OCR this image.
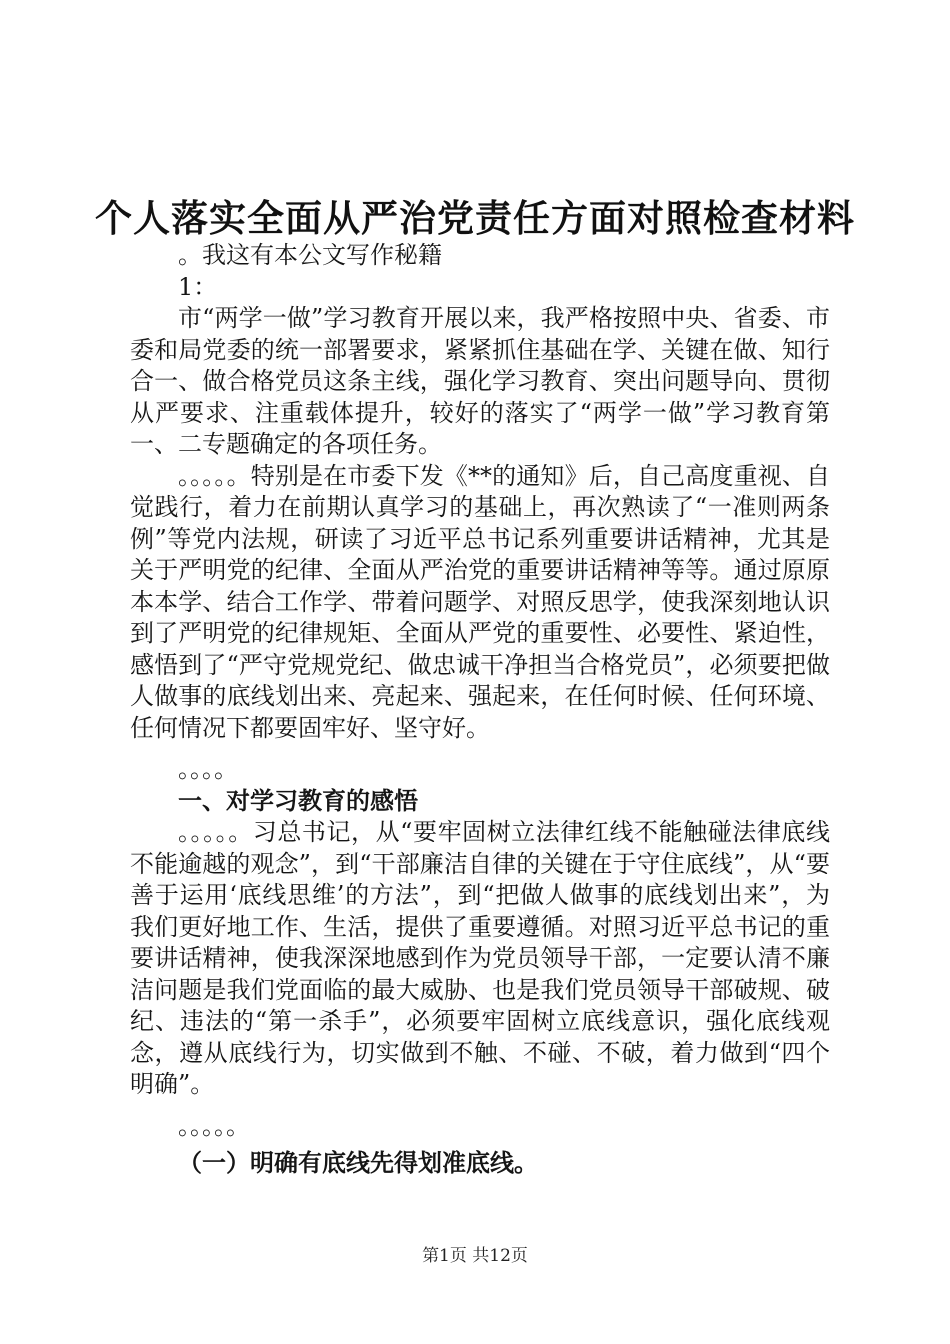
个人落实全面从严治党责任方面对照检查材料

。我这有本公文写作秘籍

1：

市“两学一做”学习教育开展以来，我严格按照中央、省委、市委和局党委的统一部署要求，紧紧抓住基础在学、关键在做、知行合一、做合格党员这条主线，强化学习教育、突出问题导向、贯彻从严要求、注重载体提升，较好的落实了“两学一做”学习教育第一、二专题确定的各项任务。

。。。。。特别是在市委下发《**的通知》后，自己高度重视、自觉践行，着力在前期认真学习的基础上，再次熟读了“一准则两条例”等党内法规，研读了习近平总书记系列重要讲话精神，尤其是关于严明党的纪律、全面从严治党的重要讲话精神等等。通过原原本本学、结合工作学、带着问题学、对照反思学，使我深刻地认识到了严明党的纪律规矩、全面从严党的重要性、必要性、紧迫性，感悟到了“严守党规党纪、做忠诚干净担当合格党员”，必须要把做人做事的底线划出来、亮起来、强起来，在任何时候、任何环境、任何情况下都要固牢好、坚守好。

。。。。

一、对学习教育的感悟

。。。。。习总书记，从“要牢固树立法律红线不能触碰法律底线不能逾越的观念”，到“干部廉洁自律的关键在于守住底线”，从“要善于运用‘底线思维’的方法”，到“把做人做事的底线划出来”，为我们更好地工作、生活，提供了重要遵循。对照习近平总书记的重要讲话精神，使我深深地感到作为党员领导干部，一定要认清不廉洁问题是我们党面临的最大威胁、也是我们党员领导干部破规、破纪、违法的“第一杀手”，必须要牢固树立底线意识，强化底线观念，遵从底线行为，切实做到不触、不碰、不破，着力做到“四个明确”。

。。。。。

（一）明确有底线先得划准底线。
第1页 共12页
